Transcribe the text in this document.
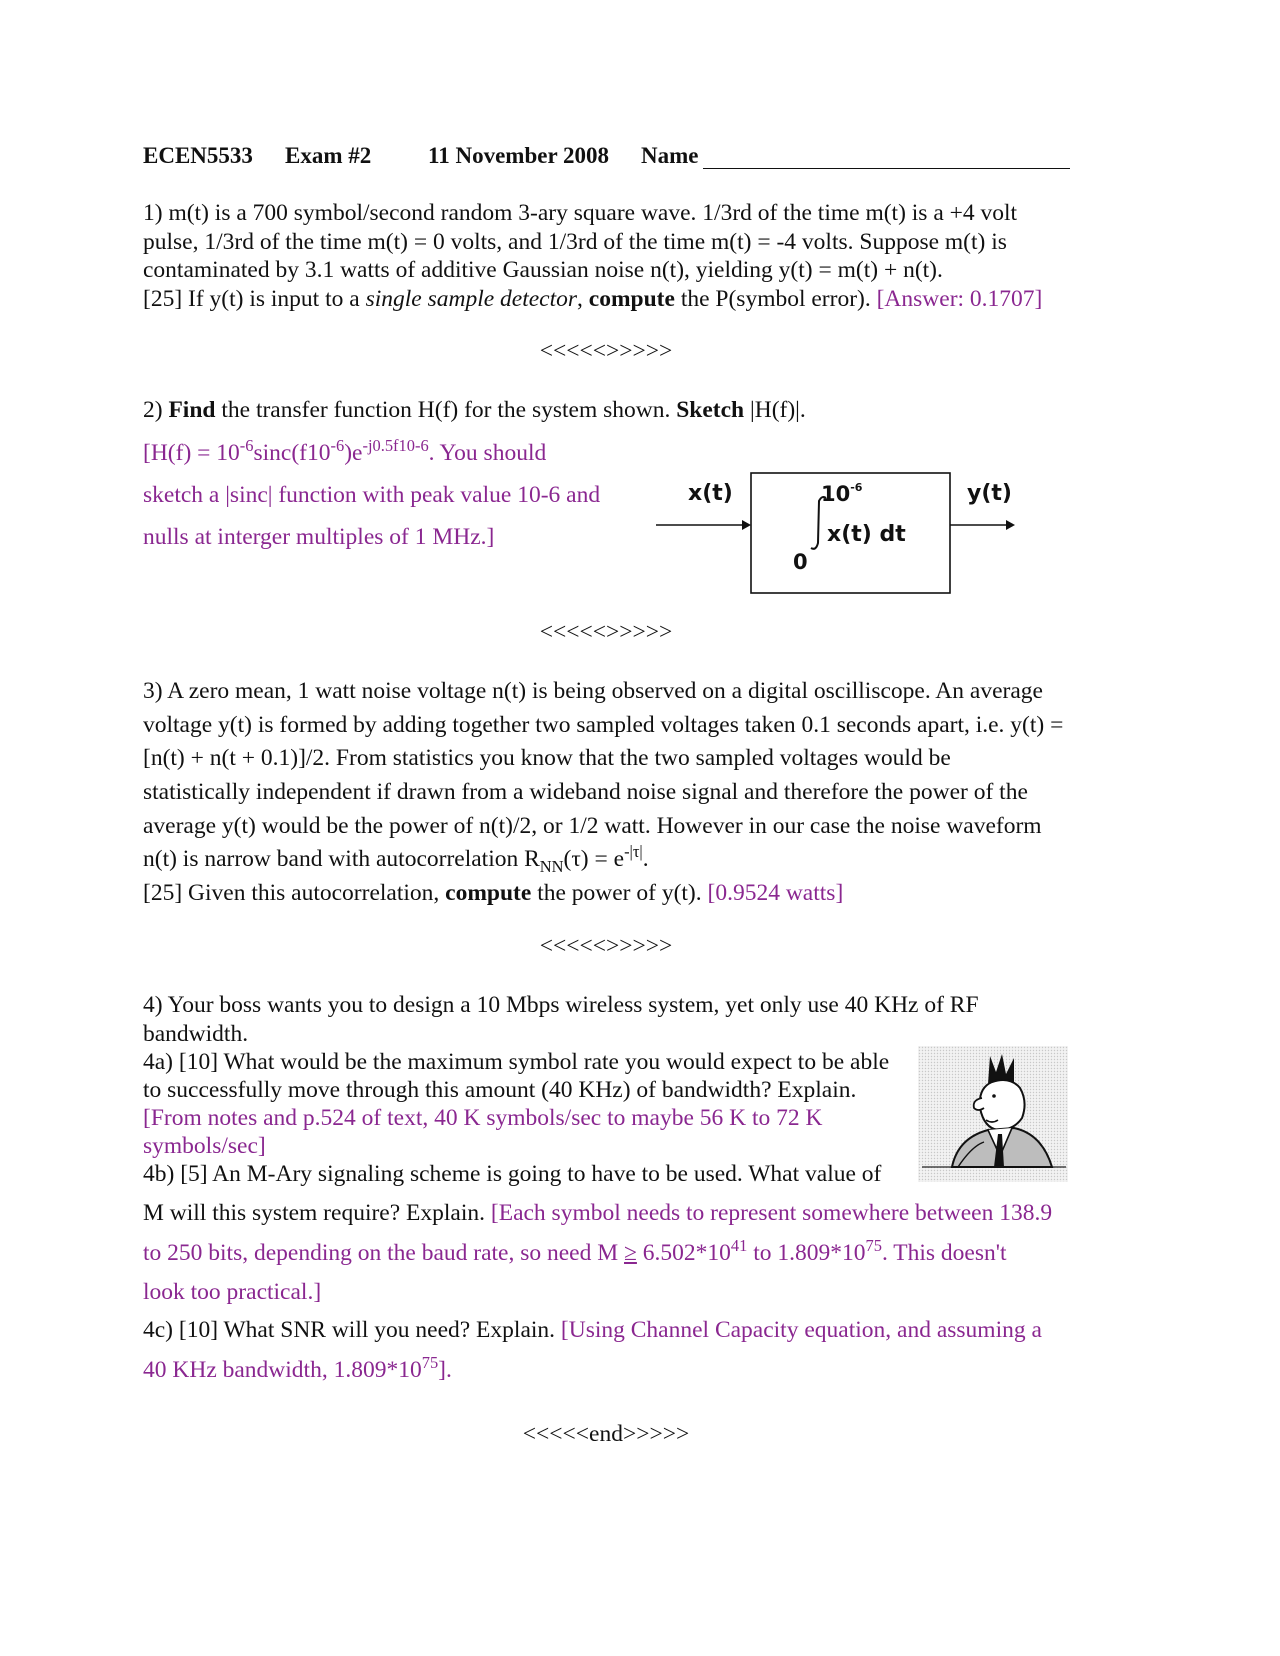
ECEN5533 Exam #2 11 November 2008 Name
1) m(t) is a 700 symbol/second random 3-ary square wave. 1/3rd of the time m(t) is a +4 volt
pulse, 1/3rd of the time m(t) = 0 volts, and 1/3rd of the time m(t) = -4 volts. Suppose m(t) is
contaminated by 3.1 watts of additive Gaussian noise n(t), yielding y(t) = m(t) + n(t).
[25] If y(t) is input to a single sample detector, compute the P(symbol error). [Answer: 0.1707]
<<<<<>>>>>
2) Find the transfer function H(f) for the system shown. Sketch |H(f)|.
[$H(f) = 10^{-6}\sin c(f10^{-6})e^{-j0.5f10-6}$. You should
sketch a |sinc| function with peak value 10-6 and
nulls at interger multiples of 1 MHz.]
x(t)	y(t)
$10^{-6}$
0
x(t) dt
<<<<<>>>>>
3) A zero mean, 1 watt noise voltage n(t) is being observed on a digital oscilliscope. An average
voltage y(t) is formed by adding together two sampled voltages taken 0.1 seconds apart, i.e. y(t) =
[n(t) + n(t + 0.1)]/2. From statistics you know that the two sampled voltages would be
statistically independent if drawn from a wideband noise signal and therefore the power of the
average y(t) would be the power of n(t)/2, or 1/2 watt. However in our case the noise waveform
n(t) is narrow band with autocorrelation $R_{NN}(\tau) = e^{-|\tau|}$.
[25] Given this autocorrelation, compute the power of y(t). [0.9524 watts]
<<<<<>>>>>
4) Your boss wants you to design a 10 Mbps wireless system, yet only use 40 KHz of RF
bandwidth.
4a) [10] What would be the maximum symbol rate you would expect to be able
to successfully move through this amount (40 KHz) of bandwidth? Explain.
[From notes and p.524 of text, 40 K symbols/sec to maybe 56 K to 72 K
symbols/sec]
4b) [5] An M-Ary signaling scheme is going to have to be used. What value of
M will this system require? Explain. [Each symbol needs to represent somewhere between 138.9
to 250 bits, depending on the baud rate, so need $M \ge 6.502*10^{41}$ to $1.809*10^{75}$. This doesn't
look too practical.]
4c) [10] What SNR will you need? Explain. [Using Channel Capacity equation, and assuming a
40 KHz bandwidth, $1.809*10^{75}$].
<<<<<end>>>>>
